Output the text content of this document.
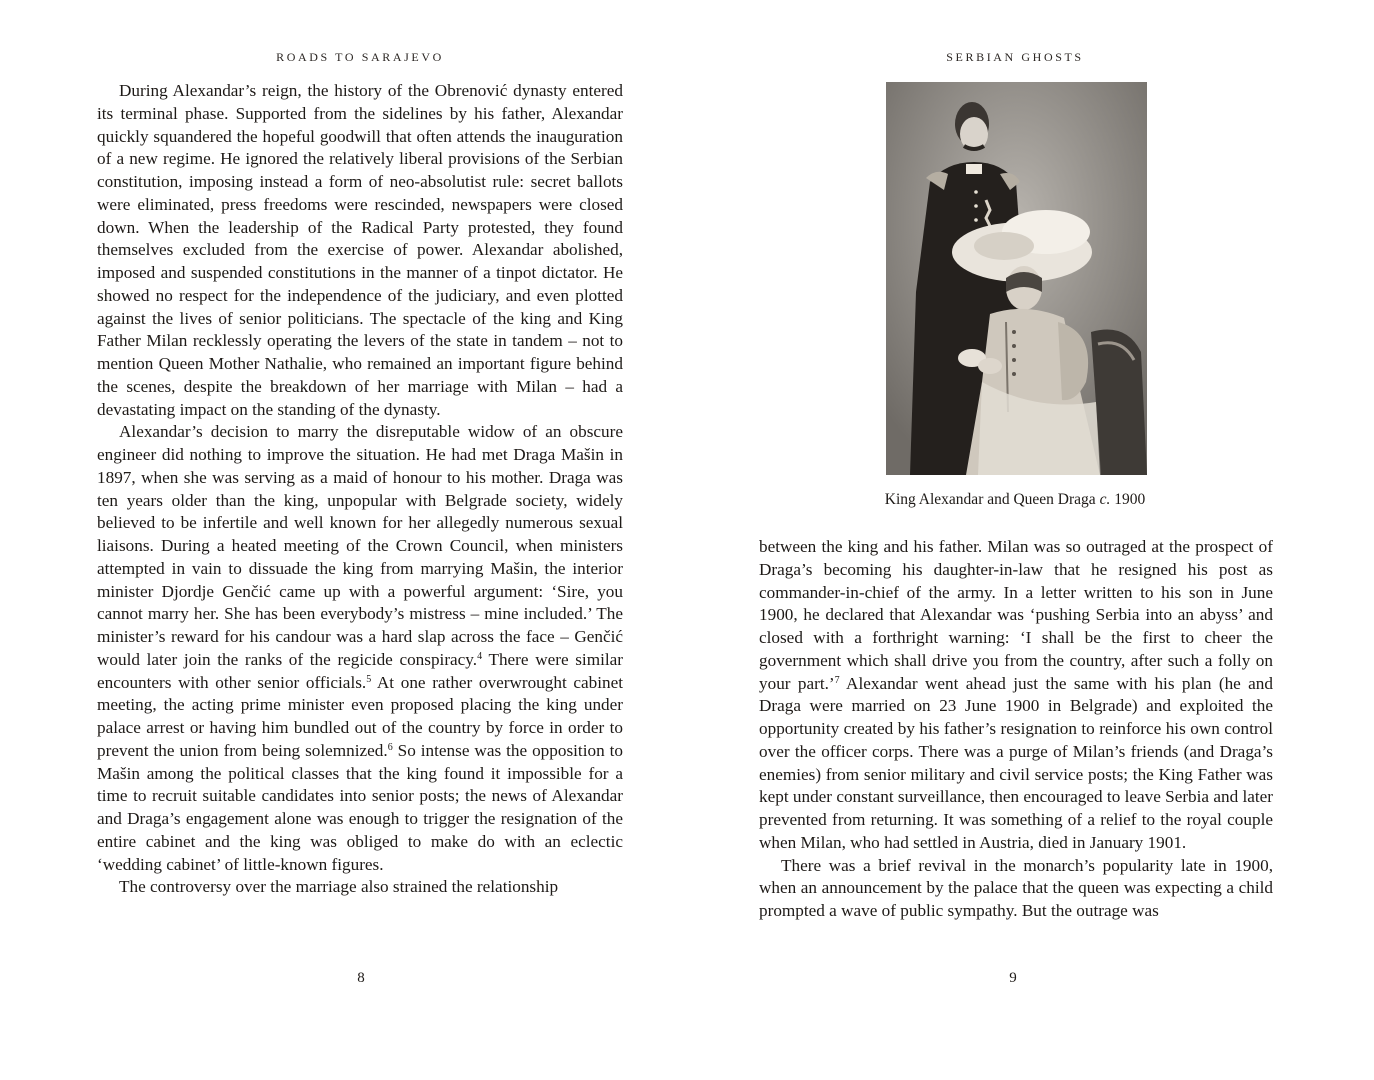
ROADS TO SARAJEVO

During Alexandar’s reign, the history of the Obrenović dynasty entered its terminal phase. Supported from the sidelines by his father, Alexandar quickly squandered the hopeful goodwill that often attends the inauguration of a new regime. He ignored the relatively liberal provisions of the Serbian constitution, imposing instead a form of neo-absolutist rule: secret ballots were eliminated, press freedoms were rescinded, newspapers were closed down. When the leadership of the Radical Party protested, they found themselves excluded from the exercise of power. Alexandar abolished, imposed and suspended constitutions in the manner of a tinpot dictator. He showed no respect for the independence of the judiciary, and even plotted against the lives of senior politicians. The spectacle of the king and King Father Milan recklessly operating the levers of the state in tandem – not to mention Queen Mother Nathalie, who remained an important figure behind the scenes, despite the breakdown of her marriage with Milan – had a devastating impact on the standing of the dynasty.

Alexandar’s decision to marry the disreputable widow of an obscure engineer did nothing to improve the situation. He had met Draga Mašin in 1897, when she was serving as a maid of honour to his mother. Draga was ten years older than the king, unpopular with Belgrade society, widely believed to be infertile and well known for her allegedly numerous sexual liaisons. During a heated meeting of the Crown Council, when ministers attempted in vain to dissuade the king from marrying Mašin, the interior minister Djordje Genčić came up with a powerful argument: ‘Sire, you cannot marry her. She has been everybody’s mistress – mine included.’ The minister’s reward for his candour was a hard slap across the face – Genčić would later join the ranks of the regicide conspiracy.$^4$ There were similar encounters with other senior officials.$^5$ At one rather overwrought cabinet meeting, the acting prime minister even proposed placing the king under palace arrest or having him bundled out of the country by force in order to prevent the union from being solemnized.$^6$ So intense was the opposition to Mašin among the political classes that the king found it impossible for a time to recruit suitable candidates into senior posts; the news of Alexandar and Draga’s engagement alone was enough to trigger the resignation of the entire cabinet and the king was obliged to make do with an eclectic ‘wedding cabinet’ of little-known figures.

The controversy over the marriage also strained the relationship

8
SERBIAN GHOSTS
King Alexandar and Queen Draga c. 1900

between the king and his father. Milan was so outraged at the prospect of Draga’s becoming his daughter-in-law that he resigned his post as commander-in-chief of the army. In a letter written to his son in June 1900, he declared that Alexandar was ‘pushing Serbia into an abyss’ and closed with a forthright warning: ‘I shall be the first to cheer the government which shall drive you from the country, after such a folly on your part.’$^7$ Alexandar went ahead just the same with his plan (he and Draga were married on 23 June 1900 in Belgrade) and exploited the opportunity created by his father’s resignation to reinforce his own control over the officer corps. There was a purge of Milan’s friends (and Draga’s enemies) from senior military and civil service posts; the King Father was kept under constant surveillance, then encouraged to leave Serbia and later prevented from returning. It was something of a relief to the royal couple when Milan, who had settled in Austria, died in January 1901.

There was a brief revival in the monarch’s popularity late in 1900, when an announcement by the palace that the queen was expecting a child prompted a wave of public sympathy. But the outrage was

9
